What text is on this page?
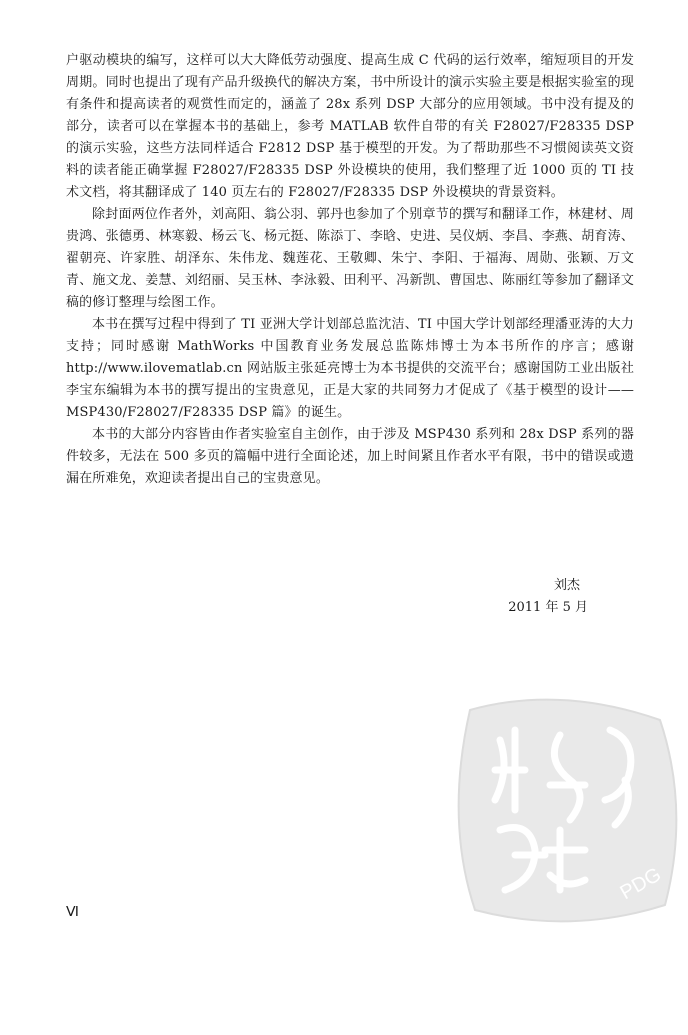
户驱动模块的编写，这样可以大大降低劳动强度、提高生成 C 代码的运行效率，缩短项目的开发周期。同时也提出了现有产品升级换代的解决方案，书中所设计的演示实验主要是根据实验室的现有条件和提高读者的观赏性而定的，涵盖了 28x 系列 DSP 大部分的应用领域。书中没有提及的部分，读者可以在掌握本书的基础上，参考 MATLAB 软件自带的有关 F28027/F28335 DSP 的演示实验，这些方法同样适合 F2812 DSP 基于模型的开发。为了帮助那些不习惯阅读英文资料的读者能正确掌握 F28027/F28335 DSP 外设模块的使用，我们整理了近 1000 页的 TI 技术文档，将其翻译成了 140 页左右的 F28027/F28335 DSP 外设模块的背景资料。

除封面两位作者外，刘高阳、翁公羽、郭丹也参加了个别章节的撰写和翻译工作，林建材、周贵鸿、张德勇、林寒毅、杨云飞、杨元挺、陈添丁、李晗、史进、吴仪炳、李昌、李燕、胡育涛、翟朝亮、许家胜、胡泽东、朱伟龙、魏莲花、王敬卿、朱宁、李阳、于福海、周勋、张颖、万文青、施文龙、姜慧、刘绍丽、吴玉林、李泳毅、田利平、冯新凯、曹国忠、陈丽红等参加了翻译文稿的修订整理与绘图工作。

本书在撰写过程中得到了 TI 亚洲大学计划部总监沈洁、TI 中国大学计划部经理潘亚涛的大力支持；同时感谢 MathWorks 中国教育业务发展总监陈炜博士为本书所作的序言；感谢 http://www.ilovematlab.cn 网站版主张延亮博士为本书提供的交流平台；感谢国防工业出版社李宝东编辑为本书的撰写提出的宝贵意见，正是大家的共同努力才促成了《基于模型的设计——MSP430/F28027/F28335 DSP 篇》的诞生。

本书的大部分内容皆由作者实验室自主创作，由于涉及 MSP430 系列和 28x DSP 系列的器件较多，无法在 500 多页的篇幅中进行全面论述，加上时间紧且作者水平有限，书中的错误或遗漏在所难免，欢迎读者提出自己的宝贵意见。

刘杰
2011 年 5 月
Ⅵ
PDG
